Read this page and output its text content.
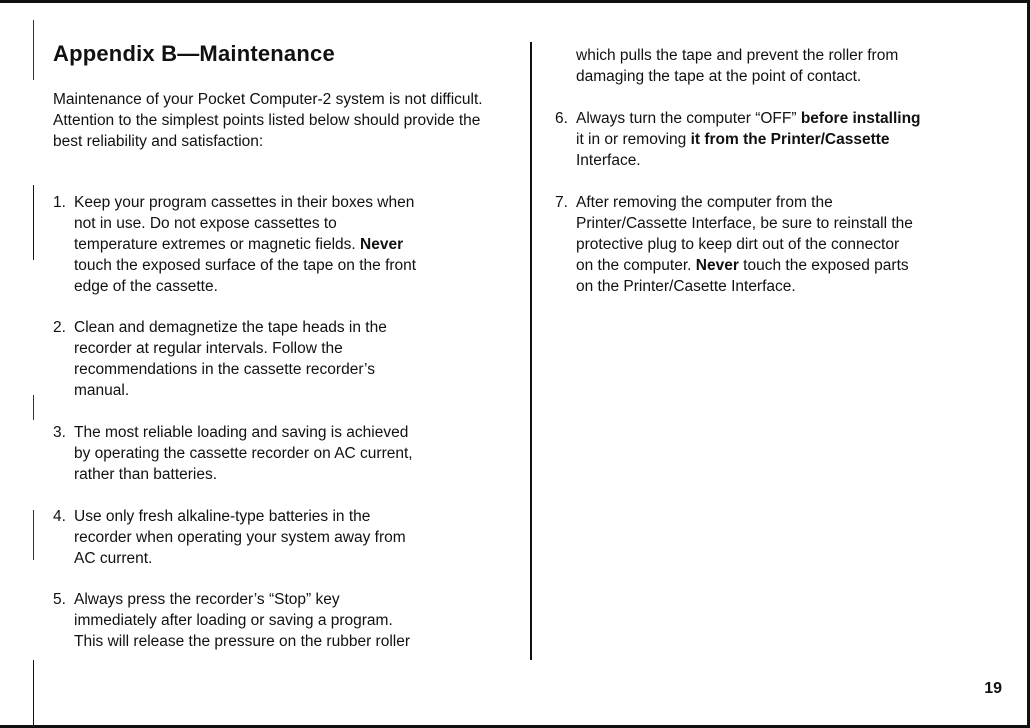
Appendix B—Maintenance

Maintenance of your Pocket Computer-2 system is not difficult. Attention to the simplest points listed below should provide the best reliability and satisfaction:

1. Keep your program cassettes in their boxes when
not in use. Do not expose cassettes to
temperature extremes or magnetic fields. Never
touch the exposed surface of the tape on the front
edge of the cassette.
2. Clean and demagnetize the tape heads in the
recorder at regular intervals. Follow the
recommendations in the cassette recorder’s
manual.
3. The most reliable loading and saving is achieved
by operating the cassette recorder on AC current,
rather than batteries.
4. Use only fresh alkaline-type batteries in the
recorder when operating your system away from
AC current.
5. Always press the recorder’s “Stop” key
immediately after loading or saving a program.
This will release the pressure on the rubber roller
which pulls the tape and prevent the roller from
damaging the tape at the point of contact.
6. Always turn the computer “OFF” before installing
it in or removing it from the Printer/Cassette
Interface.
7. After removing the computer from the
Printer/Cassette Interface, be sure to reinstall the
protective plug to keep dirt out of the connector
on the computer. Never touch the exposed parts
on the Printer/Casette Interface.
19
